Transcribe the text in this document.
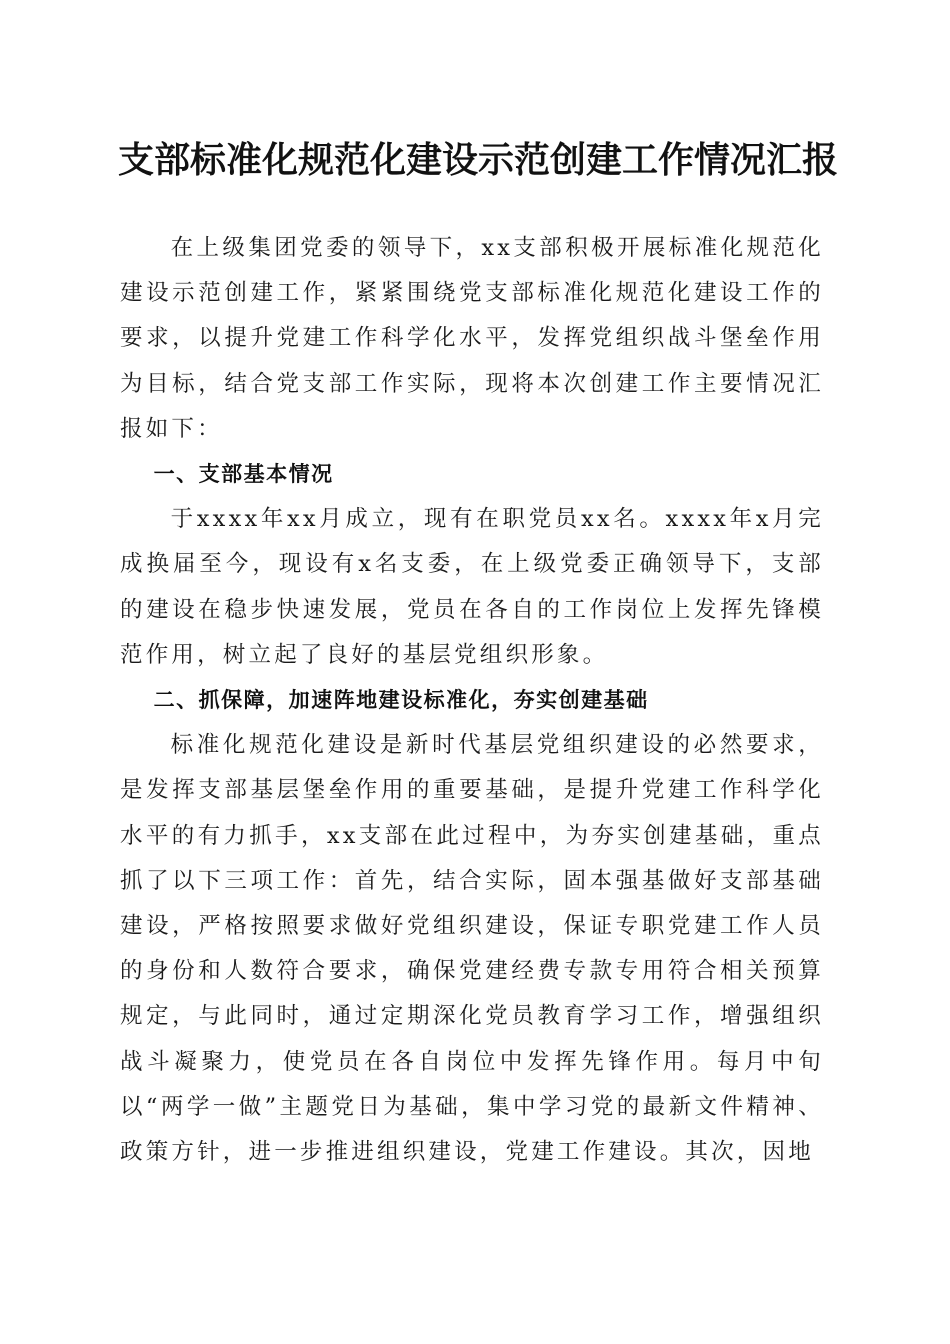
支部标准化规范化建设示范创建工作情况汇报

在上级集团党委的领导下，xx支部积极开展标准化规范化建设示范创建工作，紧紧围绕党支部标准化规范化建设工作的要求，以提升党建工作科学化水平，发挥党组织战斗堡垒作用为目标，结合党支部工作实际，现将本次创建工作主要情况汇报如下：

一、支部基本情况

于xxxx年xx月成立，现有在职党员xx名。xxxx年x月完成换届至今，现设有x名支委，在上级党委正确领导下，支部的建设在稳步快速发展，党员在各自的工作岗位上发挥先锋模范作用，树立起了良好的基层党组织形象。

二、抓保障，加速阵地建设标准化，夯实创建基础

标准化规范化建设是新时代基层党组织建设的必然要求，是发挥支部基层堡垒作用的重要基础，是提升党建工作科学化水平的有力抓手，xx支部在此过程中，为夯实创建基础，重点抓了以下三项工作：首先，结合实际，固本强基做好支部基础建设，严格按照要求做好党组织建设，保证专职党建工作人员的身份和人数符合要求，确保党建经费专款专用符合相关预算规定，与此同时，通过定期深化党员教育学习工作，增强组织战斗凝聚力，使党员在各自岗位中发挥先锋作用。每月中旬以“两学一做”主题党日为基础，集中学习党的最新文件精神、政策方针，进一步推进组织建设，党建工作建设。其次，因地
